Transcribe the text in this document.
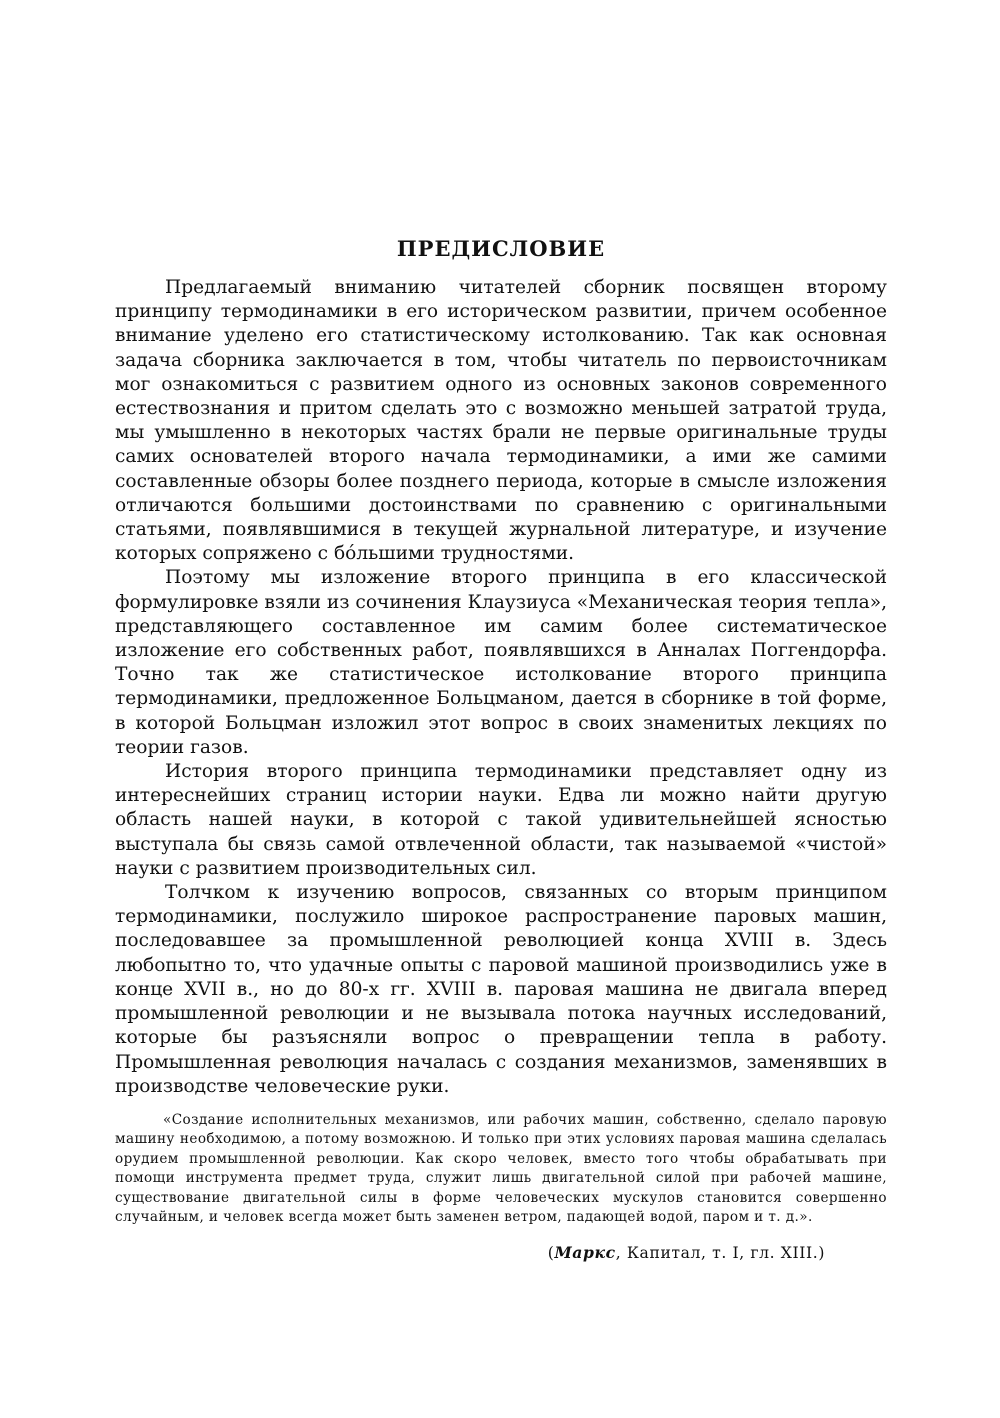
ПРЕДИСЛОВИЕ

Предлагаемый вниманию читателей сборник посвящен второму принципу термодинамики в его историческом развитии, причем особенное внимание уделено его статистическому истолкованию. Так как основная задача сборника заключается в том, чтобы читатель по первоисточникам мог ознакомиться с развитием одного из основных законов современного естествознания и притом сделать это с возможно меньшей затратой труда, мы умышленно в некоторых частях брали не первые оригинальные труды самих основателей второго начала термодинамики, а ими же самими составленные обзоры более позднего периода, которые в смысле изложения отличаются большими достоинствами по сравнению с оригинальными статьями, появлявшимися в текущей журнальной литературе, и изучение которых сопряжено с бо́льшими трудностями.

Поэтому мы изложение второго принципа в его классической формулировке взяли из сочинения Клаузиуса «Механическая теория тепла», представляющего составленное им самим более систематическое изложение его собственных работ, появлявшихся в Анналах Поггендорфа. Точно так же статистическое истолкование второго принципа термодинамики, предложенное Больцманом, дается в сборнике в той форме, в которой Больцман изложил этот вопрос в своих знаменитых лекциях по теории газов.

История второго принципа термодинамики представляет одну из интереснейших страниц истории науки. Едва ли можно найти другую область нашей науки, в которой с такой удивительнейшей ясностью выступала бы связь самой отвлеченной области, так называемой «чистой» науки с развитием производительных сил.

Толчком к изучению вопросов, связанных со вторым принципом термодинамики, послужило широкое распространение паровых машин, последовавшее за промышленной революцией конца XVIII в. Здесь любопытно то, что удачные опыты с паровой машиной производились уже в конце XVII в., но до 80-х гг. XVIII в. паровая машина не двигала вперед промышленной революции и не вызывала потока научных исследований, которые бы разъясняли вопрос о превращении тепла в работу. Промышленная революция началась с создания механизмов, заменявших в производстве человеческие руки.

«Создание исполнительных механизмов, или рабочих машин, собственно, сделало паровую машину необходимою, а потому возможною. И только при этих условиях паровая машина сделалась орудием промышленной революции. Как скоро человек, вместо того чтобы обрабатывать при помощи инструмента предмет труда, служит лишь двигательной силой при рабочей машине, существование двигательной силы в форме человеческих мускулов становится совершенно случайным, и человек всегда может быть заменен ветром, падающей водой, паром и т. д.».

(Маркс, Капитал, т. I, гл. XIII.)
